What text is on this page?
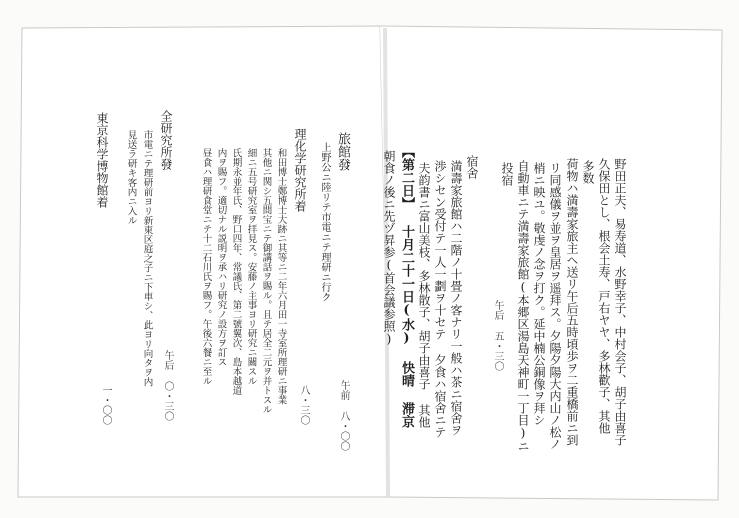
野田正夫、易寿道、水野幸子、中村会子、胡子由喜子
久保田とし、根会土寿、戸右ヤヤ、多林歡子、其他
多数
荷物ハ満壽家旅主ヘ送リ午后五時頃歩ヲ二重橋前ニ到
リ同感儀ヲ並ヲ皇居ヲ遥拜ス。夕陽夕陽大内山ノ松ノ
梢ニ映ユ。敬虔ノ念ヲ打ク。延中楠公銅像ヲ拜シ
自動車ニテ満壽家旅館(本郷区湯島天神町一丁目)ニ
投宿
午后 五・三〇
宿舍
満壽家旅館ハ二階ノ十畳ノ客ナリ一般ハ茶ニ宿舍ヲ
渉シセン受付テ一人一劃ヲ十セテ 夕食ハ宿舍ニテ
夫韵書ニ富山美枝、多林散子、胡子由喜子 其他
【第二日】 十月二十一日(水) 快晴 滞京
朝食ノ後ニ先ヅ昇参(首会議参照)
旅館發
午前 八・〇〇
上野公ニ陸リテ市電ニテ理研ニ行ク
理化学研究所着
八・三〇
和田博士鄭博士大跡ニ其等ニ二年六月田一寺室所理研ニ事業
其他ニ関シ五間宝ニテ御講話ヲ賜ル。且テ居全二元ヲ并トスル
細ニ五号研究室ヲ拝見ス。安藤ノ主事ヨリ研究ニ關スル
氏期永並年氏、野口四年、常議氏、第二號翼次、島本越道
内ヲ賜フ。適切ナル説明ヲ承ハリ研究ノ設方ヲ訂ス
昼食ハ理研食堂ニテ十二石川氏ヲ賜フ。午後六餐ニ至ル
全研究所發
午后 〇・三〇
市電ニテ理研前ヨリ新東区庭之子ニ下車シ、此ヨリ向タヲ内
見送ラ研キ客内ニ入ル
東京科学博物館着
一・〇〇
